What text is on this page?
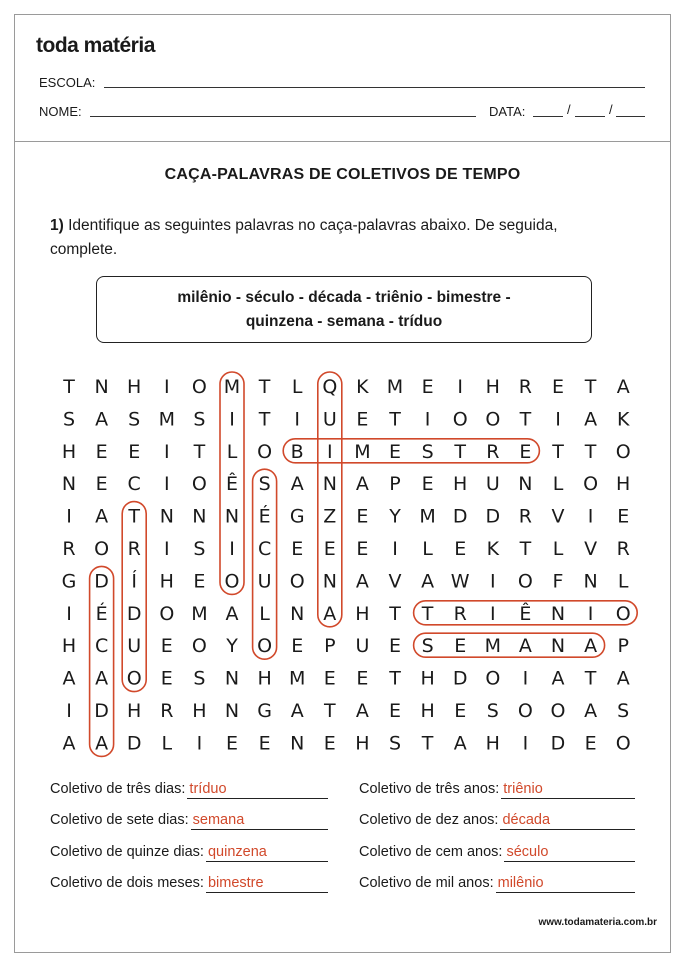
toda matéria
ESCOLA:
NOME:	DATA:	/	/
CAÇA-PALAVRAS DE COLETIVOS DE TEMPO
1) Identifique as seguintes palavras no caça-palavras abaixo. De seguida, complete.
milênio - século - década - triênio - bimestre -
quinzena - semana - tríduo
T N H I O M T L Q K M E I H R E T A
S A S M S I T I U E T I O O T I A K
H E E I T L O B I M E S T R E T T O
N E C I O Ê S A N A P E H U N L O H
I A T N N N É G Z E Y M D D R V I E
R O R I S I C E E E I L E K T L V R
G D Í H E O U O N A V A W I O F N L
I É D O M A L N A H T T R I Ê N I O
H C U E O Y O E P U E S E M A N A P
A A O E S N H M E E T H D O I A T A
I D H R H N G A T A E H E S O O A S
A A D L I E E N E H S T A H I D E O
Coletivo de três dias: tríduo	Coletivo de três anos: triênio
Coletivo de sete dias: semana	Coletivo de dez anos: década
Coletivo de quinze dias: quinzena	Coletivo de cem anos: século
Coletivo de dois meses: bimestre	Coletivo de mil anos: milênio
www.todamateria.com.br
